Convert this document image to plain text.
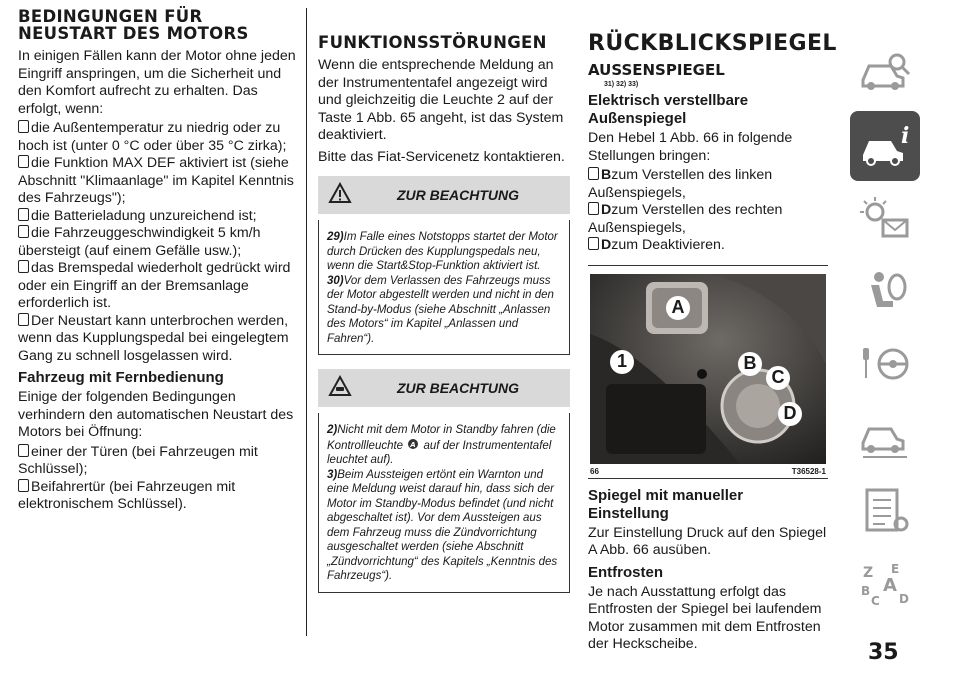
BEDINGUNGEN FÜR NEUSTART DES MOTORS

In einigen Fällen kann der Motor ohne jeden Eingriff anspringen, um die Sicherheit und den Komfort aufrecht zu erhalten. Das erfolgt, wenn:

die Außentemperatur zu niedrig oder zu hoch ist (unter 0 °C oder über 35 °C zirka);

die Funktion MAX DEF aktiviert ist (siehe Abschnitt "Klimaanlage" im Kapitel Kenntnis des Fahrzeugs");

die Batterieladung unzureichend ist;

die Fahrzeuggeschwindigkeit 5 km/h übersteigt (auf einem Gefälle usw.);

das Bremspedal wiederholt gedrückt wird oder ein Eingriff an der Bremsanlage erforderlich ist.

Der Neustart kann unterbrochen werden, wenn das Kupplungspedal bei eingelegtem Gang zu schnell losgelassen wird.

Fahrzeug mit Fernbedienung

Einige der folgenden Bedingungen verhindern den automatischen Neustart des Motors bei Öffnung:

einer der Türen (bei Fahrzeugen mit Schlüssel);

Beifahrertür (bei Fahrzeugen mit elektronischem Schlüssel).

FUNKTIONSSTÖRUNGEN

Wenn die entsprechende Meldung an der Instrumententafel angezeigt wird und gleichzeitig die Leuchte 2 auf der Taste 1 Abb. 65 angeht, ist das System deaktiviert.

Bitte das Fiat-Servicenetz kontaktieren.

ZUR BEACHTUNG
29)Im Falle eines Notstopps startet der Motor durch Drücken des Kupplungspedals neu, wenn die Start&Stop-Funktion aktiviert ist.
30)Vor dem Verlassen des Fahrzeugs muss der Motor abgestellt werden und nicht in den Stand-by-Modus (siehe Abschnitt „Anlassen des Motors“ im Kapitel „Anlassen und Fahren“).
ZUR BEACHTUNG
2)Nicht mit dem Motor in Standby fahren (die Kontrollleuchte A auf der Instrumententafel leuchtet auf).
3)Beim Aussteigen ertönt ein Warnton und eine Meldung weist darauf hin, dass sich der Motor im Standby-Modus befindet (und nicht abgeschaltet ist). Vor dem Aussteigen aus dem Fahrzeug muss die Zündvorrichtung ausgeschaltet werden (siehe Abschnitt „Zündvorrichtung“ des Kapitels „Kenntnis des Fahrzeugs“).
RÜCKBLICKSPIEGEL
AUSSENSPIEGEL
31) 32) 33)
Elektrisch verstellbare Außenspiegel

Den Hebel 1 Abb. 66 in folgende Stellungen bringen:

Bzum Verstellen des linken Außenspiegels,

Dzum Verstellen des rechten Außenspiegels,

Dzum Deaktivieren.

A
1	B
C
D
66	T36528-1
Spiegel mit manueller Einstellung

Zur Einstellung Druck auf den Spiegel A Abb. 66 ausüben.

Entfrosten

Je nach Ausstattung erfolgt das Entfrosten der Spiegel bei laufendem Motor zusammen mit dem Entfrosten der Heckscheibe.

i
Z E
B A
C D
35
